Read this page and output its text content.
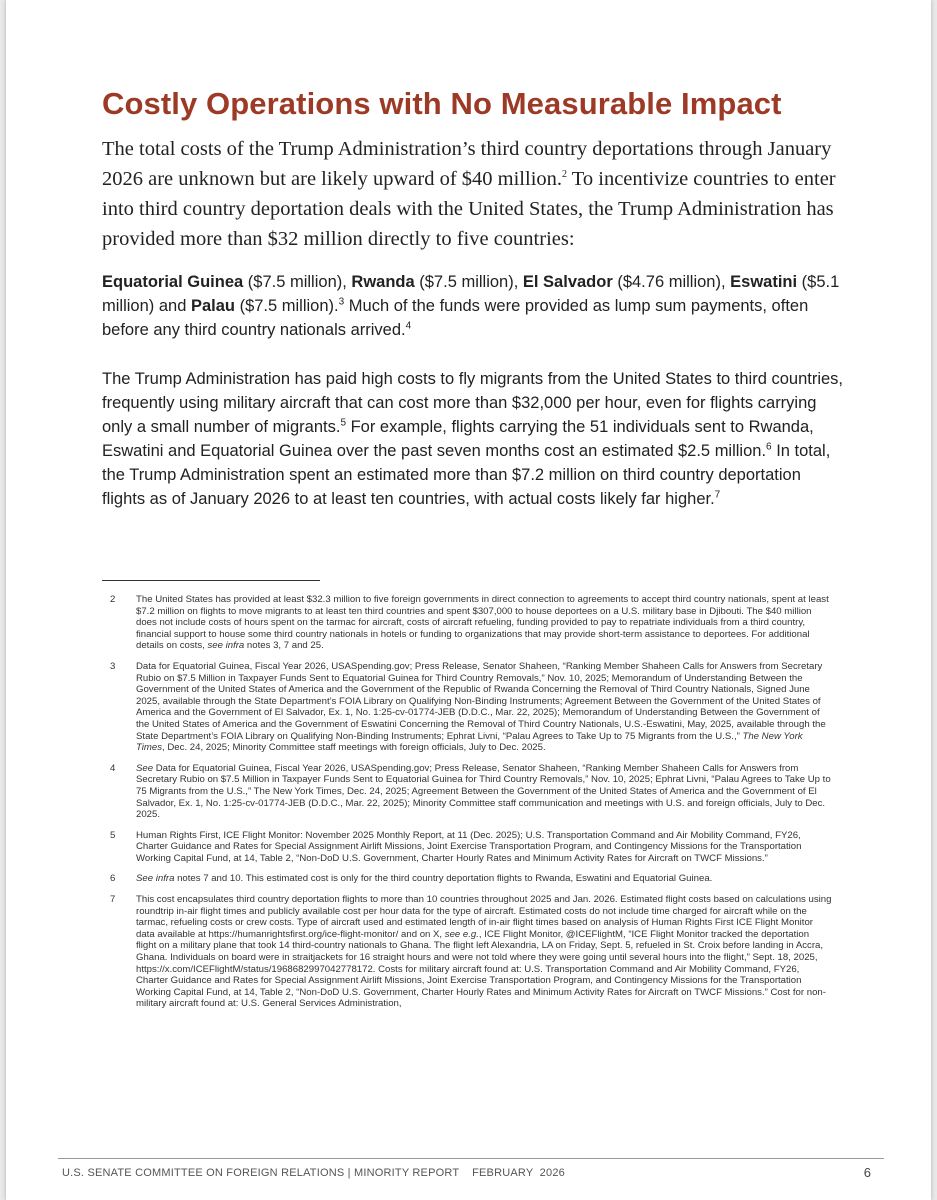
Costly Operations with No Measurable Impact

The total costs of the Trump Administration’s third country deportations through January 2026 are unknown but are likely upward of $40 million.$^2$ To incentivize countries to enter into third country deportation deals with the United States, the Trump Administration has provided more than $32 million directly to five countries:

Equatorial Guinea ($7.5 million), Rwanda ($7.5 million), El Salvador ($4.76 million), Eswatini ($5.1 million) and Palau ($7.5 million).$^3$ Much of the funds were provided as lump sum payments, often before any third country nationals arrived.$^4$

The Trump Administration has paid high costs to fly migrants from the United States to third countries, frequently using military aircraft that can cost more than $32,000 per hour, even for flights carrying only a small number of migrants.$^5$ For example, flights carrying the 51 individuals sent to Rwanda, Eswatini and Equatorial Guinea over the past seven months cost an estimated $2.5 million.$^6$ In total, the Trump Administration spent an estimated more than $7.2 million on third country deportation flights as of January 2026 to at least ten countries, with actual costs likely far higher.$^7$

2	The United States has provided at least $32.3 million to five foreign governments in direct connection to agreements to accept third country nationals, spent at least $7.2 million on flights to move migrants to at least ten third countries and spent $307,000 to house deportees on a U.S. military base in Djibouti. The $40 million does not include costs of hours spent on the tarmac for aircraft, costs of aircraft refueling, funding provided to pay to repatriate individuals from a third country, financial support to house some third country nationals in hotels or funding to organizations that may provide short-term assistance to deportees. For additional details on costs, see infra notes 3, 7 and 25.
3	Data for Equatorial Guinea, Fiscal Year 2026, USASpending.gov; Press Release, Senator Shaheen, “Ranking Member Shaheen Calls for Answers from Secretary Rubio on $7.5 Million in Taxpayer Funds Sent to Equatorial Guinea for Third Country Removals,” Nov. 10, 2025; Memorandum of Understanding Between the Government of the United States of America and the Government of the Republic of Rwanda Concerning the Removal of Third Country Nationals, Signed June 2025, available through the State Department’s FOIA Library on Qualifying Non-Binding Instruments; Agreement Between the Government of the United States of America and the Government of El Salvador, Ex. 1, No. 1:25-cv-01774-JEB (D.D.C., Mar. 22, 2025); Memorandum of Understanding Between the Government of the United States of America and the Government of Eswatini Concerning the Removal of Third Country Nationals, U.S.-Eswatini, May, 2025, available through the State Department’s FOIA Library on Qualifying Non-Binding Instruments; Ephrat Livni, “Palau Agrees to Take Up to 75 Migrants from the U.S.,” The New York Times, Dec. 24, 2025; Minority Committee staff meetings with foreign officials, July to Dec. 2025.
4	See Data for Equatorial Guinea, Fiscal Year 2026, USASpending.gov; Press Release, Senator Shaheen, “Ranking Member Shaheen Calls for Answers from Secretary Rubio on $7.5 Million in Taxpayer Funds Sent to Equatorial Guinea for Third Country Removals,” Nov. 10, 2025; Ephrat Livni, “Palau Agrees to Take Up to 75 Migrants from the U.S.,” The New York Times, Dec. 24, 2025; Agreement Between the Government of the United States of America and the Government of El Salvador, Ex. 1, No. 1:25-cv-01774-JEB (D.D.C., Mar. 22, 2025); Minority Committee staff communication and meetings with U.S. and foreign officials, July to Dec. 2025.
5	Human Rights First, ICE Flight Monitor: November 2025 Monthly Report, at 11 (Dec. 2025); U.S. Transportation Command and Air Mobility Command, FY26, Charter Guidance and Rates for Special Assignment Airlift Missions, Joint Exercise Transportation Program, and Contingency Missions for the Transportation Working Capital Fund, at 14, Table 2, “Non-DoD U.S. Government, Charter Hourly Rates and Minimum Activity Rates for Aircraft on TWCF Missions.”
6	See infra notes 7 and 10. This estimated cost is only for the third country deportation flights to Rwanda, Eswatini and Equatorial Guinea.
7	This cost encapsulates third country deportation flights to more than 10 countries throughout 2025 and Jan. 2026. Estimated flight costs based on calculations using roundtrip in-air flight times and publicly available cost per hour data for the type of aircraft. Estimated costs do not include time charged for aircraft while on the tarmac, refueling costs or crew costs. Type of aircraft used and estimated length of in-air flight times based on analysis of Human Rights First ICE Flight Monitor data available at https://humanrightsfirst.org/ice-flight-monitor/ and on X, see e.g., ICE Flight Monitor, @ICEFlightM, “ICE Flight Monitor tracked the deportation flight on a military plane that took 14 third-country nationals to Ghana. The flight left Alexandria, LA on Friday, Sept. 5, refueled in St. Croix before landing in Accra, Ghana. Individuals on board were in straitjackets for 16 straight hours and were not told where they were going until several hours into the flight,” Sept. 18, 2025, https://x.com/ICEFlightM/status/1968682997042778172. Costs for military aircraft found at: U.S. Transportation Command and Air Mobility Command, FY26, Charter Guidance and Rates for Special Assignment Airlift Missions, Joint Exercise Transportation Program, and Contingency Missions for the Transportation Working Capital Fund, at 14, Table 2, “Non-DoD U.S. Government, Charter Hourly Rates and Minimum Activity Rates for Aircraft on TWCF Missions.” Cost for non-military aircraft found at: U.S. General Services Administration,
U.S. SENATE COMMITTEE ON FOREIGN RELATIONS | MINORITY REPORT    FEBRUARY  2026	6
